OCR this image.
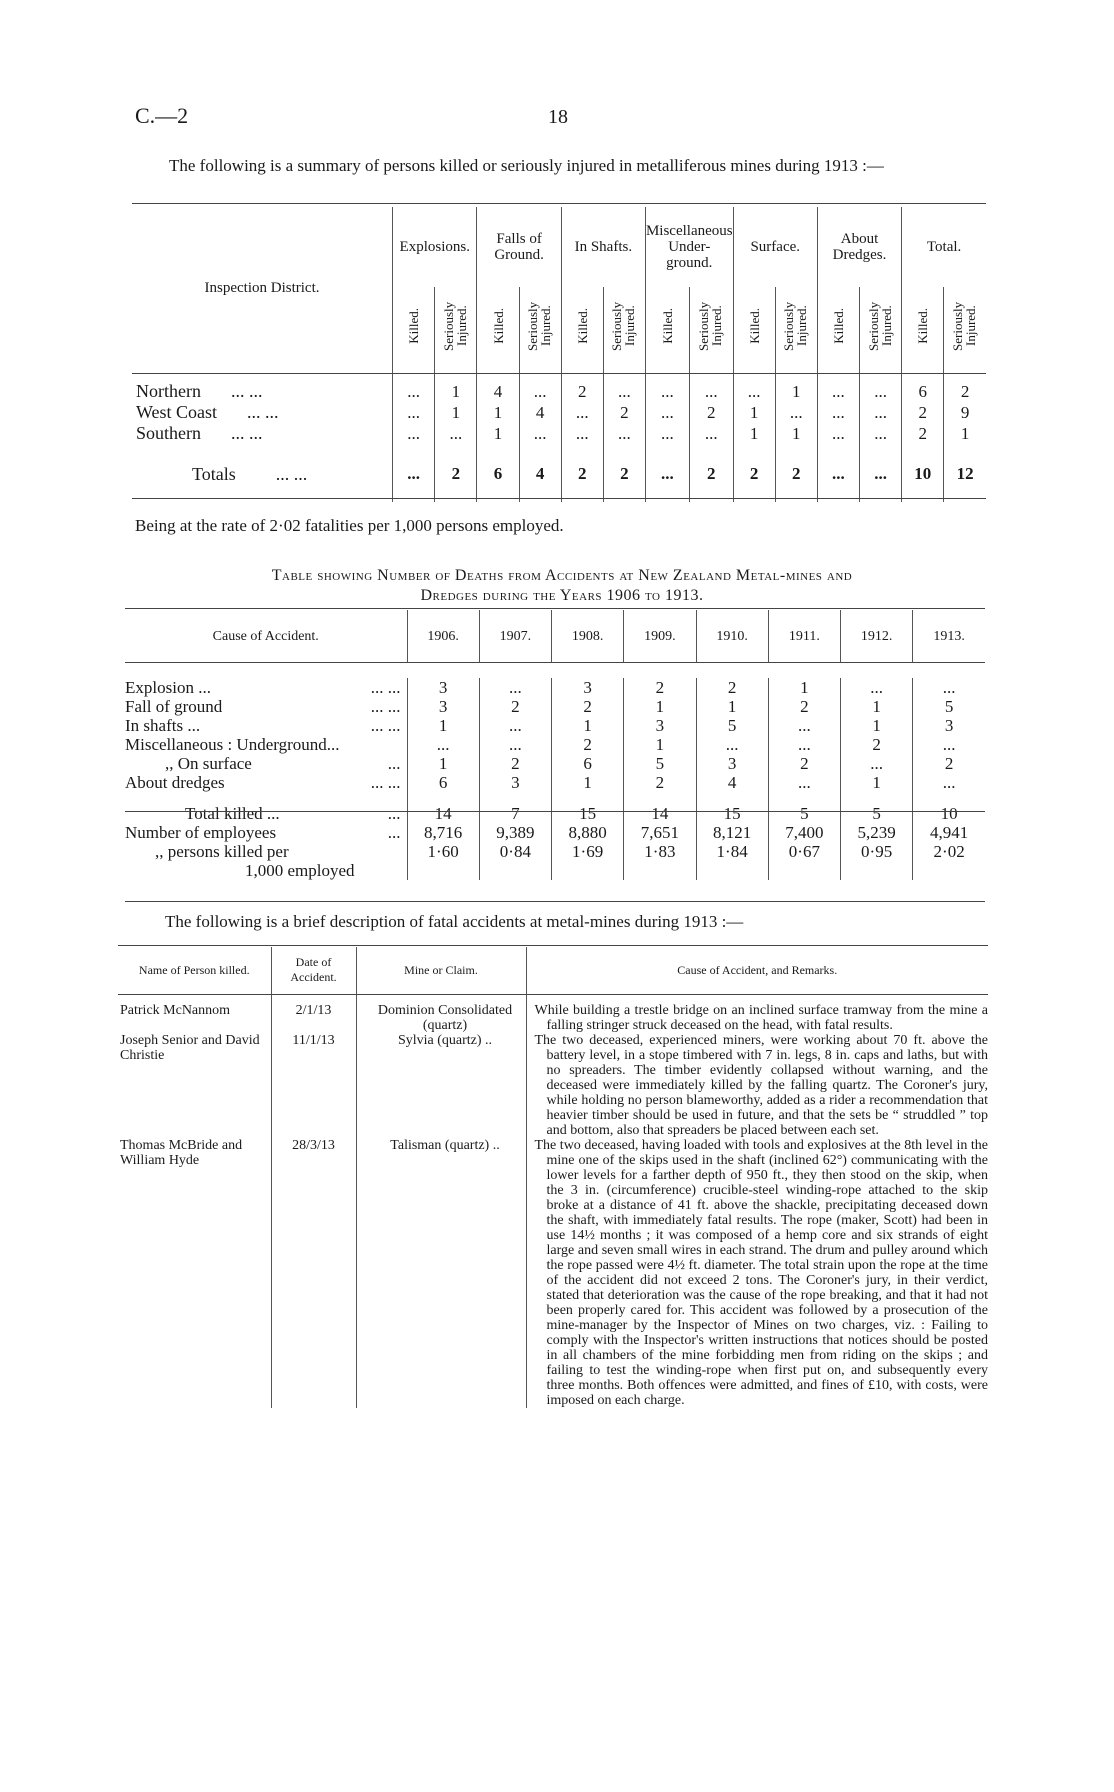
C.—2	18
The following is a summary of persons killed or seriously injured in metalliferous mines during 1913 :—
Inspection District.	Explosions.		Falls of Ground.		In Shafts.		Miscellaneous Under-ground.		Surface.		About Dredges.		Total.	
	Killed.	Seriously Injured.	Killed.	Seriously Injured.	Killed.	Seriously Injured.	Killed.	Seriously Injured.	Killed.	Seriously Injured.	Killed.	Seriously Injured.	Killed.	Seriously Injured.

Northern ... ...	...	1	4	...	2	...	...	...	...	1	...	...	6	2
West Coast ... ...	...	1	1	4	...	2	...	2	1	...	...	...	2	9
Southern ... ...	...	...	1	...	...	...	...	...	1	1	...	...	2	1

Totals ... ...	...	2	6	4	2	2	...	2	2	2	...	...	10	12

Being at the rate of 2·02 fatalities per 1,000 persons employed.
Table showing Number of Deaths from Accidents at New Zealand Metal-mines and
Dredges during the Years 1906 to 1913.
Cause of Accident.	1906.	1907.	1908.	1909.	1910.	1911.	1912.	1913.

Explosion ... ... ...	3	...	3	2	2	1	...	...
Fall of ground ... ...	3	2	2	1	1	2	1	5
In shafts ... ... ...	1	...	1	3	5	...	1	3
Miscellaneous : Underground...	...	...	2	1	...	...	2	...
,, On surface ...	1	2	6	5	3	2	...	2
About dredges ... ...	6	3	1	2	4	...	1	...

Total killed ... ...	14	7	15	14	15	5	5	10
Number of employees ...	8,716	9,389	8,880	7,651	8,121	7,400	5,239	4,941
,, persons killed per
1,000 employed	1·60	0·84	1·69	1·83	1·84	0·67	0·95	2·02
The following is a brief description of fatal accidents at metal-mines during 1913 :—
Name of Person killed.	Date of Accident.	Mine or Claim.	Cause of Accident, and Remarks.

Patrick McNannom	2/1/13	Dominion Consolidated (quartz)	While building a trestle bridge on an inclined surface tramway from the mine a falling stringer struck deceased on the head, with fatal results.
Joseph Senior and David Christie	11/1/13	Sylvia (quartz) ..	The two deceased, experienced miners, were working about 70 ft. above the battery level, in a stope timbered with 7 in. legs, 8 in. caps and laths, but with no spreaders. The timber evidently collapsed without warning, and the deceased were immediately killed by the falling quartz. The Coroner's jury, while holding no person blameworthy, added as a rider a recommendation that heavier timber should be used in future, and that the sets be “ struddled ” top and bottom, also that spreaders be placed between each set.
Thomas McBride and William Hyde	28/3/13	Talisman (quartz) ..	The two deceased, having loaded with tools and explosives at the 8th level in the mine one of the skips used in the shaft (inclined 62°) communicating with the lower levels for a farther depth of 950 ft., they then stood on the skip, when the 3 in. (circumference) crucible-steel winding-rope attached to the skip broke at a distance of 41 ft. above the shackle, precipitating deceased down the shaft, with immediately fatal results. The rope (maker, Scott) had been in use 14½ months ; it was composed of a hemp core and six strands of eight large and seven small wires in each strand. The drum and pulley around which the rope passed were 4½ ft. diameter. The total strain upon the rope at the time of the accident did not exceed 2 tons. The Coroner's jury, in their verdict, stated that deterioration was the cause of the rope breaking, and that it had not been properly cared for. This accident was followed by a prosecution of the mine-manager by the Inspector of Mines on two charges, viz. : Failing to comply with the Inspector's written instructions that notices should be posted in all chambers of the mine forbidding men from riding on the skips ; and failing to test the winding-rope when first put on, and subsequently every three months. Both offences were admitted, and fines of £10, with costs, were imposed on each charge.
